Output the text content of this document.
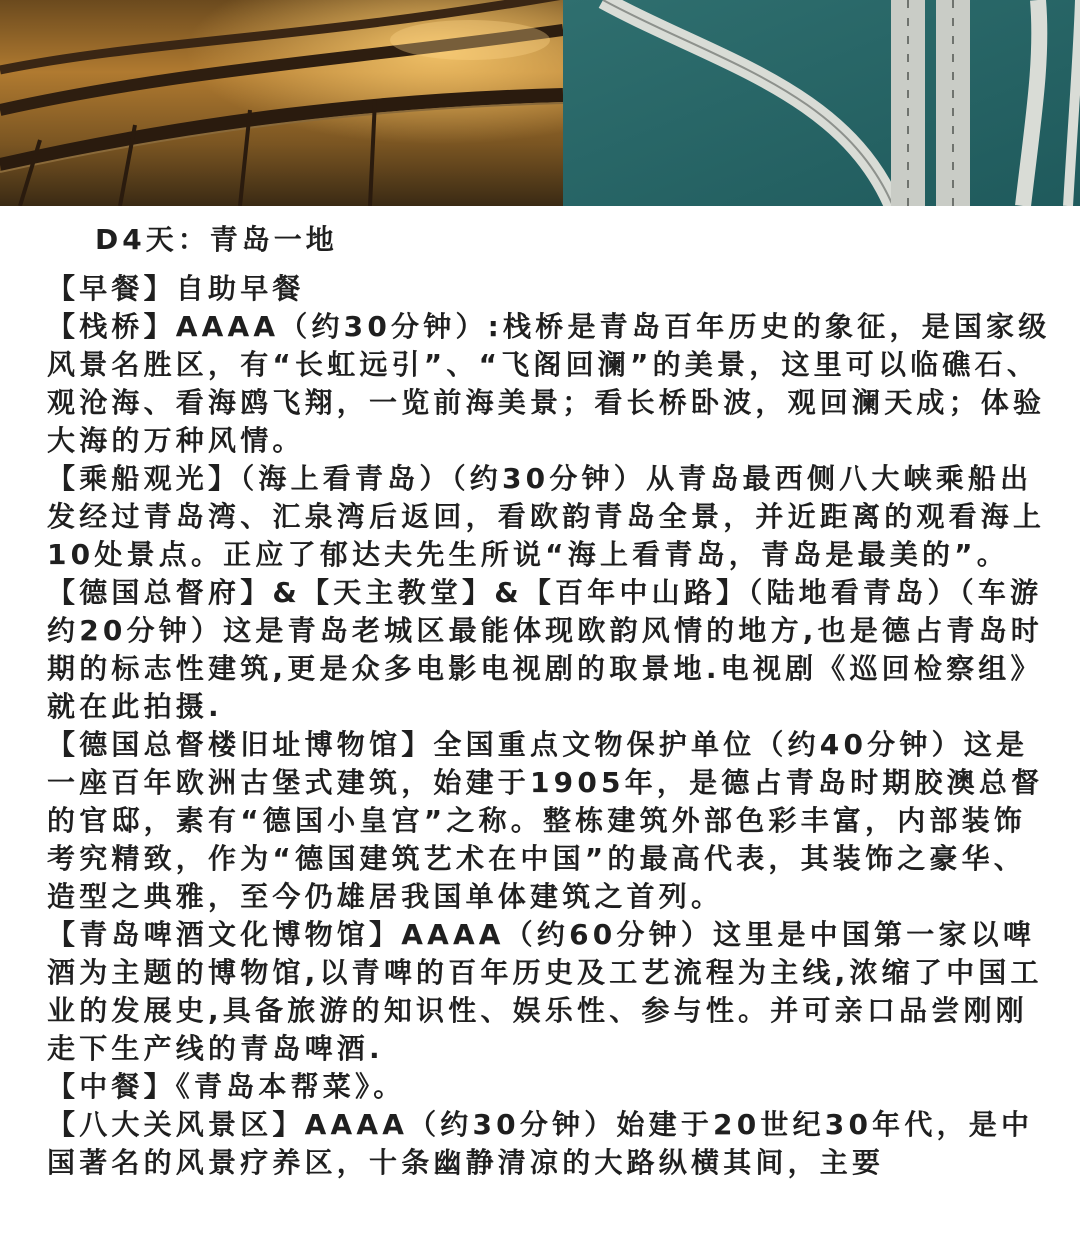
D4天：青岛一地

【早餐】自助早餐

【栈桥】AAAA（约30分钟）:栈桥是青岛百年历史的象征，是国家级风景名胜区，有“长虹远引”、“飞阁回澜”的美景，这里可以临礁石、观沧海、看海鸥飞翔，一览前海美景；看长桥卧波，观回澜天成；体验大海的万种风情。

【乘船观光】（海上看青岛）（约30分钟）从青岛最西侧八大峡乘船出发经过青岛湾、汇泉湾后返回，看欧韵青岛全景，并近距离的观看海上10处景点。正应了郁达夫先生所说“海上看青岛，青岛是最美的”。

【德国总督府】&【天主教堂】&【百年中山路】（陆地看青岛）（车游约20分钟）这是青岛老城区最能体现欧韵风情的地方,也是德占青岛时期的标志性建筑,更是众多电影电视剧的取景地.电视剧《巡回检察组》就在此拍摄.

【德国总督楼旧址博物馆】全国重点文物保护单位（约40分钟）这是一座百年欧洲古堡式建筑，始建于1905年，是德占青岛时期胶澳总督的官邸，素有“德国小皇宫”之称。整栋建筑外部色彩丰富，内部装饰考究精致，作为“德国建筑艺术在中国”的最高代表，其装饰之豪华、造型之典雅，至今仍雄居我国单体建筑之首列。

【青岛啤酒文化博物馆】AAAA（约60分钟）这里是中国第一家以啤酒为主题的博物馆,以青啤的百年历史及工艺流程为主线,浓缩了中国工业的发展史,具备旅游的知识性、娱乐性、参与性。并可亲口品尝刚刚走下生产线的青岛啤酒.

【中餐】《青岛本帮菜》。

【八大关风景区】AAAA（约30分钟）始建于20世纪30年代，是中国著名的风景疗养区，十条幽静清凉的大路纵横其间，主要
